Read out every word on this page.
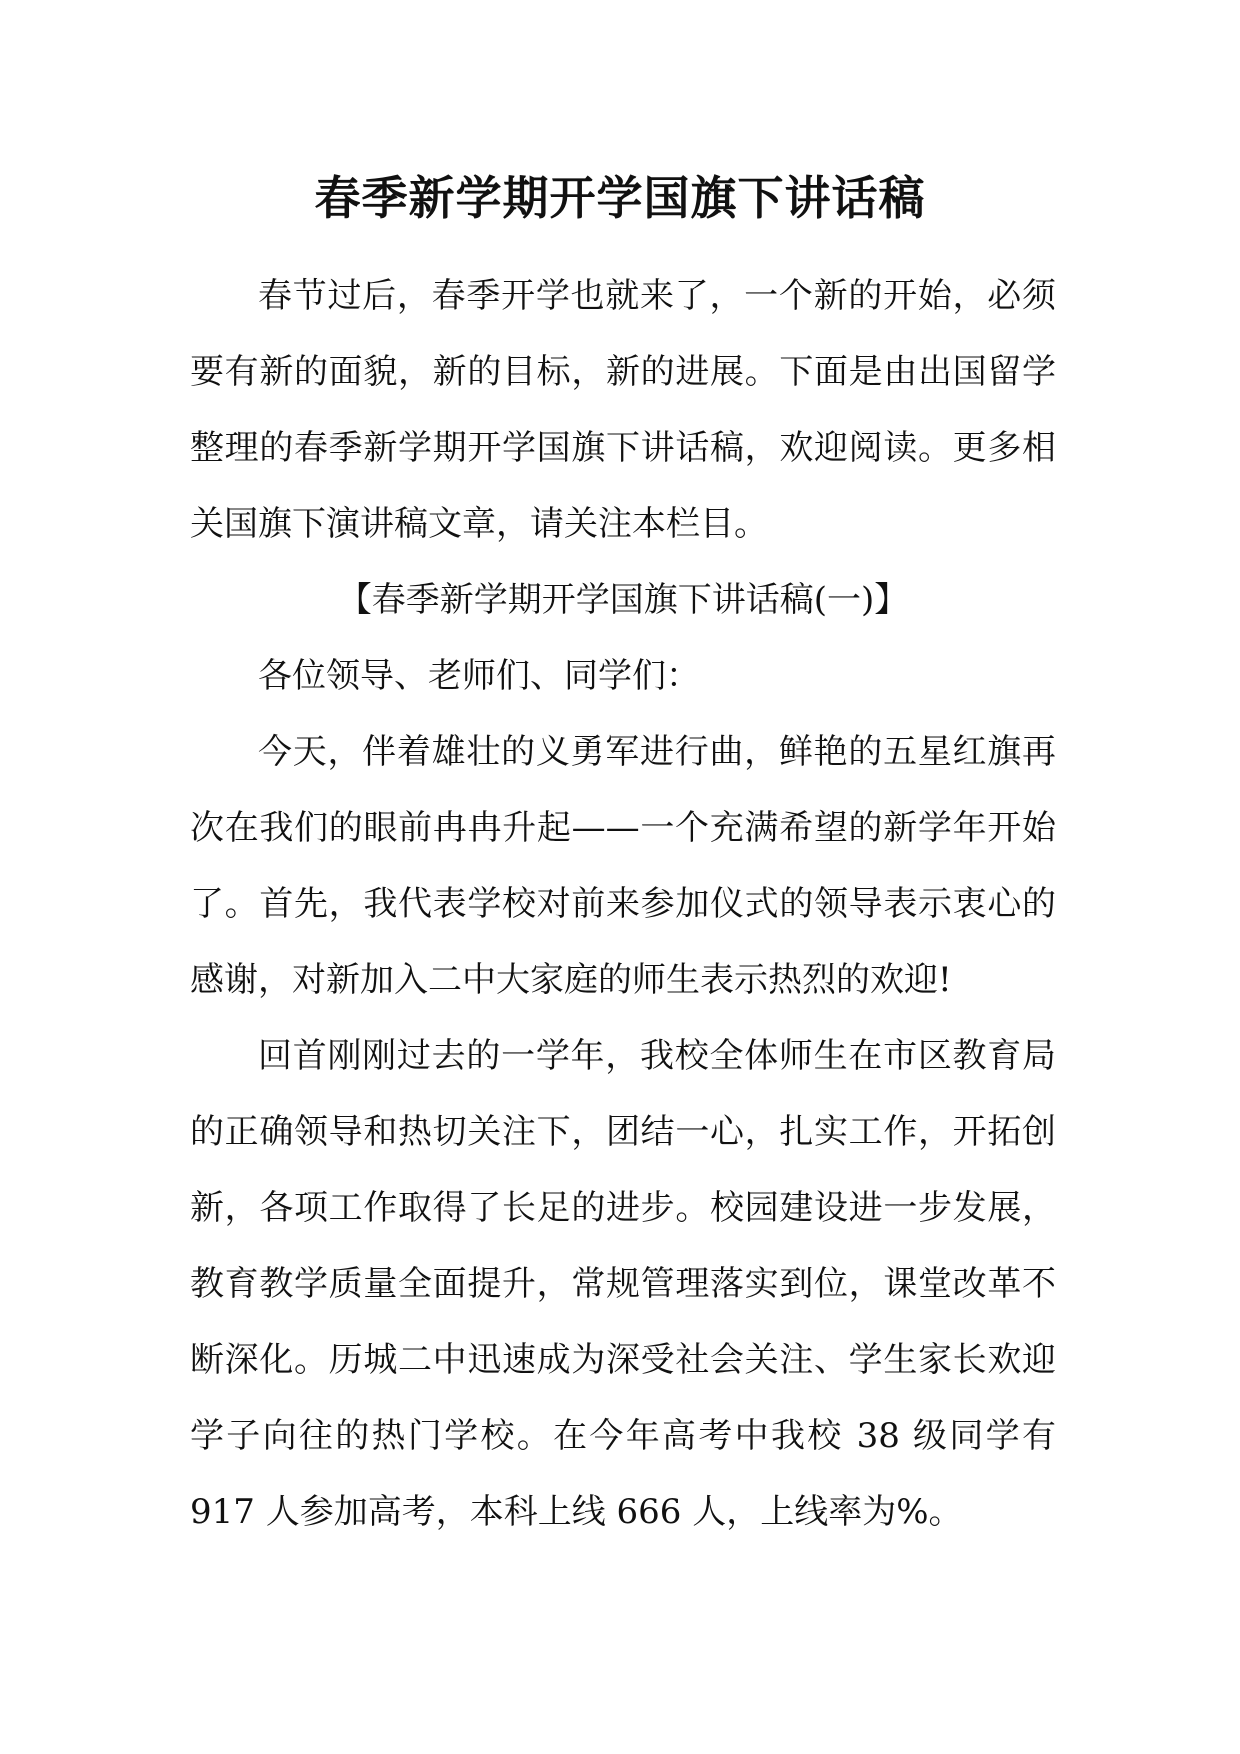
春季新学期开学国旗下讲话稿

春节过后，春季开学也就来了，一个新的开始，必须要有新的面貌，新的目标，新的进展。下面是由出国留学整理的春季新学期开学国旗下讲话稿，欢迎阅读。更多相关国旗下演讲稿文章，请关注本栏目。

【春季新学期开学国旗下讲话稿(一)】

各位领导、老师们、同学们：

今天，伴着雄壮的义勇军进行曲，鲜艳的五星红旗再次在我们的眼前冉冉升起——一个充满希望的新学年开始了。首先，我代表学校对前来参加仪式的领导表示衷心的感谢，对新加入二中大家庭的师生表示热烈的欢迎!

回首刚刚过去的一学年，我校全体师生在市区教育局的正确领导和热切关注下，团结一心，扎实工作，开拓创新，各项工作取得了长足的进步。校园建设进一步发展，教育教学质量全面提升，常规管理落实到位，课堂改革不断深化。历城二中迅速成为深受社会关注、学生家长欢迎学子向往的热门学校。在今年高考中我校 38 级同学有 917 人参加高考，本科上线 666 人，上线率为%。
